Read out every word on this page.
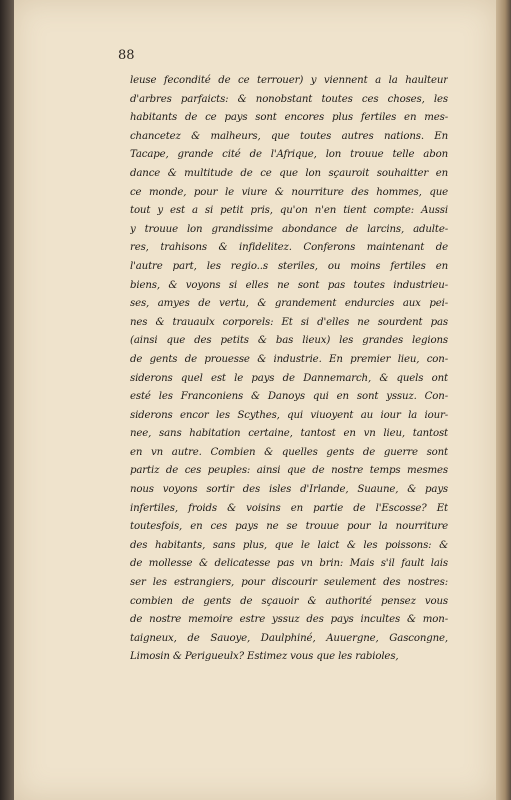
88
leuse fecondité de ce terrouer) y viennent a la haulteur
d'arbres parfaicts: & nonobstant toutes ces choses, les
habitants de ce pays sont encores plus fertiles en mes-
chancetez & malheurs, que toutes autres nations. En
Tacape, grande cité de l'Afrique, lon trouue telle abon
dance & multitude de ce que lon sçauroit souhaitter en
ce monde, pour le viure & nourriture des hommes, que
tout y est a si petit pris, qu'on n'en tient compte: Aussi
y trouue lon grandissime abondance de larcins, adulte-
res, trahisons & infidelitez. Conferons maintenant de
l'autre part, les regio..s steriles, ou moins fertiles en
biens, & voyons si elles ne sont pas toutes industrieu-
ses, amyes de vertu, & grandement endurcies aux pei-
nes & trauaulx corporels: Et si d'elles ne sourdent pas
(ainsi que des petits & bas lieux) les grandes legions
de gents de prouesse & industrie. En premier lieu, con-
siderons quel est le pays de Dannemarch, & quels ont
esté les Franconiens & Danoys qui en sont yssuz. Con-
siderons encor les Scythes, qui viuoyent au iour la iour-
nee, sans habitation certaine, tantost en vn lieu, tantost
en vn autre. Combien & quelles gents de guerre sont
partiz de ces peuples: ainsi que de nostre temps mesmes
nous voyons sortir des isles d'Irlande, Suaune, & pays
infertiles, froids & voisins en partie de l'Escosse? Et
toutesfois, en ces pays ne se trouue pour la nourriture
des habitants, sans plus, que le laict & les poissons: &
de mollesse & delicatesse pas vn brin: Mais s'il fault lais
ser les estrangiers, pour discourir seulement des nostres:
combien de gents de sçauoir & authorité pensez vous
de nostre memoire estre yssuz des pays incultes & mon-
taigneux, de Sauoye, Daulphiné, Auuergne, Gascongne,
Limosin & Perigueulx? Estimez vous que les rabioles,
